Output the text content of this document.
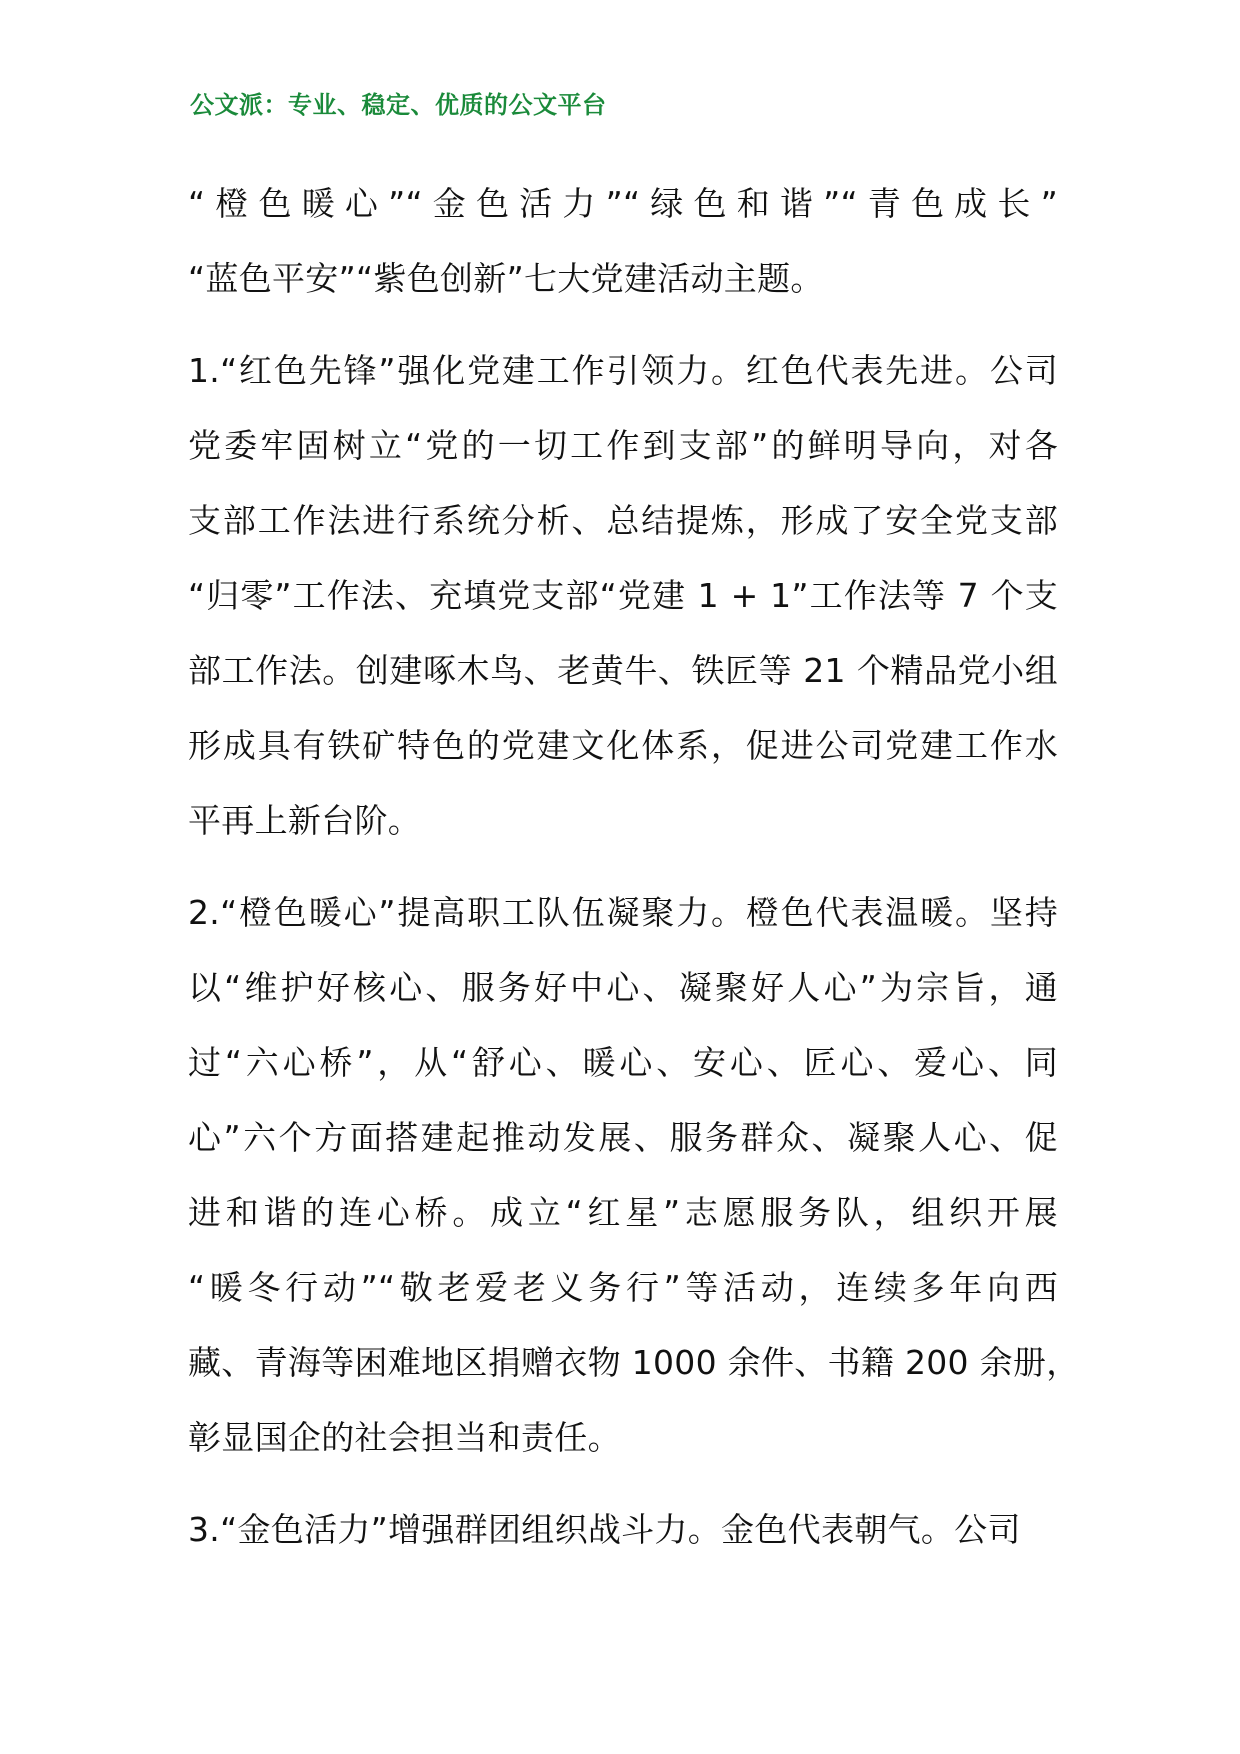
公文派：专业、稳定、优质的公文平台
“橙色暖心”“金色活力”“绿色和谐”“青色成长”
“蓝色平安”“紫色创新”七大党建活动主题。
1.“红色先锋”强化党建工作引领力。红色代表先进。公司
党委牢固树立“党的一切工作到支部”的鲜明导向，对各
支部工作法进行系统分析、总结提炼，形成了安全党支部
“归零”工作法、充填党支部“党建 1 + 1”工作法等 7 个支
部工作法。创建啄木鸟、老黄牛、铁匠等 21 个精品党小组
形成具有铁矿特色的党建文化体系，促进公司党建工作水
平再上新台阶。
2.“橙色暖心”提高职工队伍凝聚力。橙色代表温暖。坚持
以“维护好核心、服务好中心、凝聚好人心”为宗旨，通
过“六心桥”，从“舒心、暖心、安心、匠心、爱心、同
心”六个方面搭建起推动发展、服务群众、凝聚人心、促
进和谐的连心桥。成立“红星”志愿服务队，组织开展
“暖冬行动”“敬老爱老义务行”等活动，连续多年向西
藏、青海等困难地区捐赠衣物 1000 余件、书籍 200 余册，
彰显国企的社会担当和责任。
3.“金色活力”增强群团组织战斗力。金色代表朝气。公司
